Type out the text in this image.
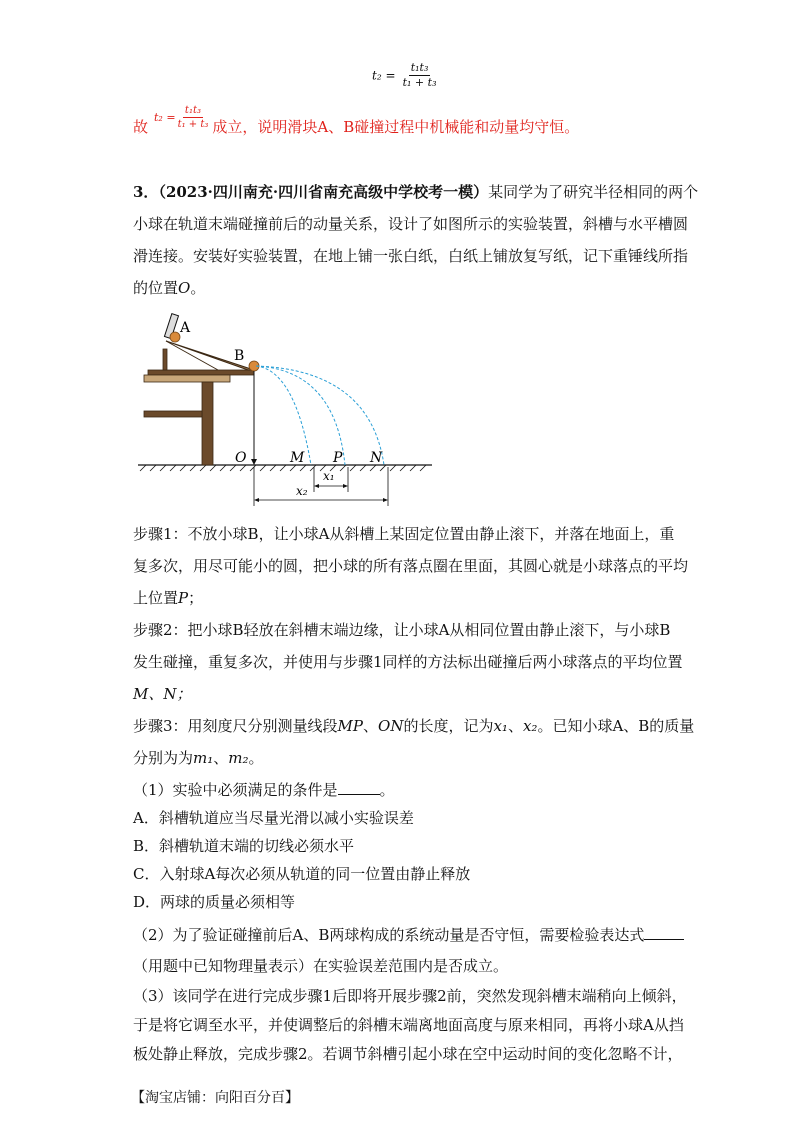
$t_2 = \frac{\text{t₁t₃}}{\text{t₁ + t₃}}$
故
$t_2 = \frac{\text{t₁t₃}}{\text{t₁ + t₃}}$ 成立，说明滑块A、B碰撞过程中机械能和动量均守恒。
3．（2023·四川南充·四川省南充高级中学校考一模）某同学为了研究半径相同的两个
小球在轨道末端碰撞前后的动量关系，设计了如图所示的实验装置，斜槽与水平槽圆
滑连接。安装好实验装置，在地上铺一张白纸，白纸上铺放复写纸，记下重锤线所指
的位置O。
O	M P N
A
B
x₁
x₂
步骤1：不放小球B，让小球A从斜槽上某固定位置由静止滚下，并落在地面上，重
复多次，用尽可能小的圆，把小球的所有落点圈在里面，其圆心就是小球落点的平均
上位置P；
步骤2：把小球B轻放在斜槽末端边缘，让小球A从相同位置由静止滚下，与小球B
发生碰撞，重复多次，并使用与步骤1同样的方法标出碰撞后两小球落点的平均位置
M、N；
步骤3：用刻度尺分别测量线段MP、ON的长度，记为x₁、x₂。已知小球A、B的质量
分别为为m₁、m₂。
（1）实验中必须满足的条件是	。
A．斜槽轨道应当尽量光滑以减小实验误差
B．斜槽轨道末端的切线必须水平
C．入射球A每次必须从轨道的同一位置由静止释放
D．两球的质量必须相等
（2）为了验证碰撞前后A、B两球构成的系统动量是否守恒，需要检验表达式
（用题中已知物理量表示）在实验误差范围内是否成立。
（3）该同学在进行完成步骤1后即将开展步骤2前，突然发现斜槽末端稍向上倾斜，
于是将它调至水平，并使调整后的斜槽末端离地面高度与原来相同，再将小球A从挡
板处静止释放，完成步骤2。若调节斜槽引起小球在空中运动时间的变化忽略不计，
【淘宝店铺：向阳百分百】
